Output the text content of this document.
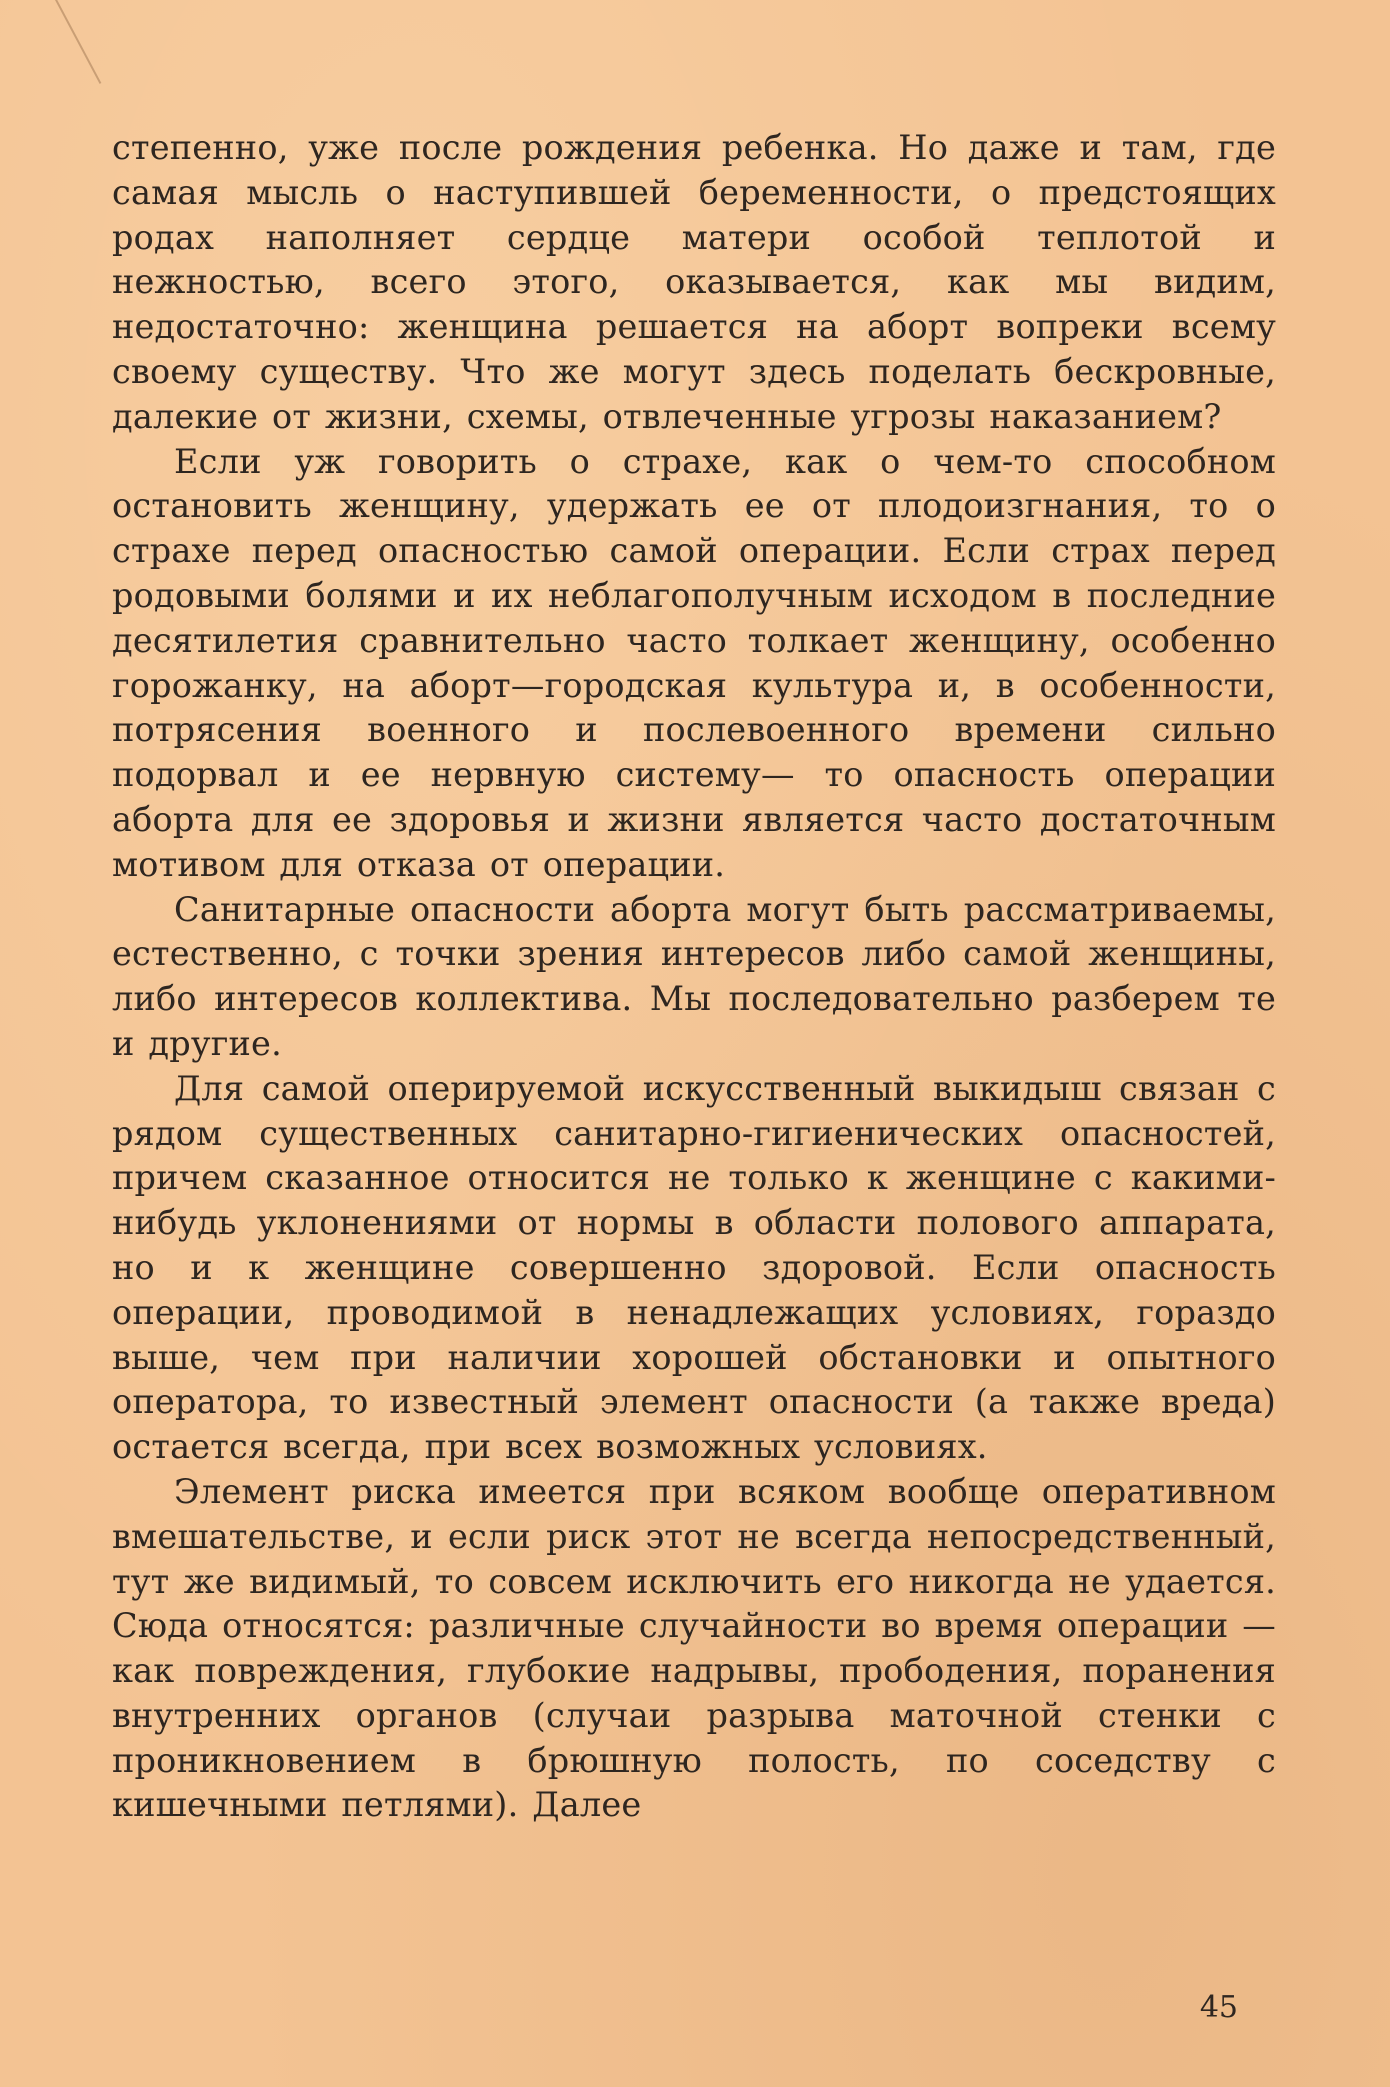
степенно, уже после рождения ребенка. Но даже и там, где самая мысль о наступившей беременности, о предстоящих родах наполняет сердце матери особой теплотой и нежностью, всего этого, оказывается, как мы видим, недостаточно: женщина решается на аборт вопреки всему своему существу. Что же могут здесь поделать бескровные, далекие от жизни, схемы, отвлеченные угрозы наказанием?

Если уж говорить о страхе, как о чем-то способном остановить женщину, удержать ее от плодоизгнания, то о страхе перед опасностью самой операции. Если страх перед родовыми болями и их неблагополучным исходом в последние десятилетия сравнительно часто толкает женщину, особенно горожанку, на аборт—городская культура и, в особенности, потрясения военного и послевоенного времени сильно подорвал и ее нервную систему— то опасность операции аборта для ее здоровья и жизни является часто достаточным мотивом для отказа от операции.

Санитарные опасности аборта могут быть рассматриваемы, естественно, с точки зрения интересов либо самой женщины, либо интересов коллектива. Мы последовательно разберем те и другие.

Для самой оперируемой искусственный выкидыш связан с рядом существенных санитарно-гигиенических опасностей, причем сказанное относится не только к женщине с какими-нибудь уклонениями от нормы в области полового аппарата, но и к женщине совершенно здоровой. Если опасность операции, проводимой в ненадлежащих условиях, гораздо выше, чем при наличии хорошей обстановки и опытного оператора, то известный элемент опасности (а также вреда) остается всегда, при всех возможных условиях.

Элемент риска имеется при всяком вообще оперативном вмешательстве, и если риск этот не всегда непосредственный, тут же видимый, то совсем исключить его никогда не удается. Сюда относятся: различные случайности во время операции — как повреждения, глубокие надрывы, прободения, поранения внутренних органов (случаи разрыва маточной стенки с проникновением в брюшную полость, по соседству с кишечными петлями). Далее

45
